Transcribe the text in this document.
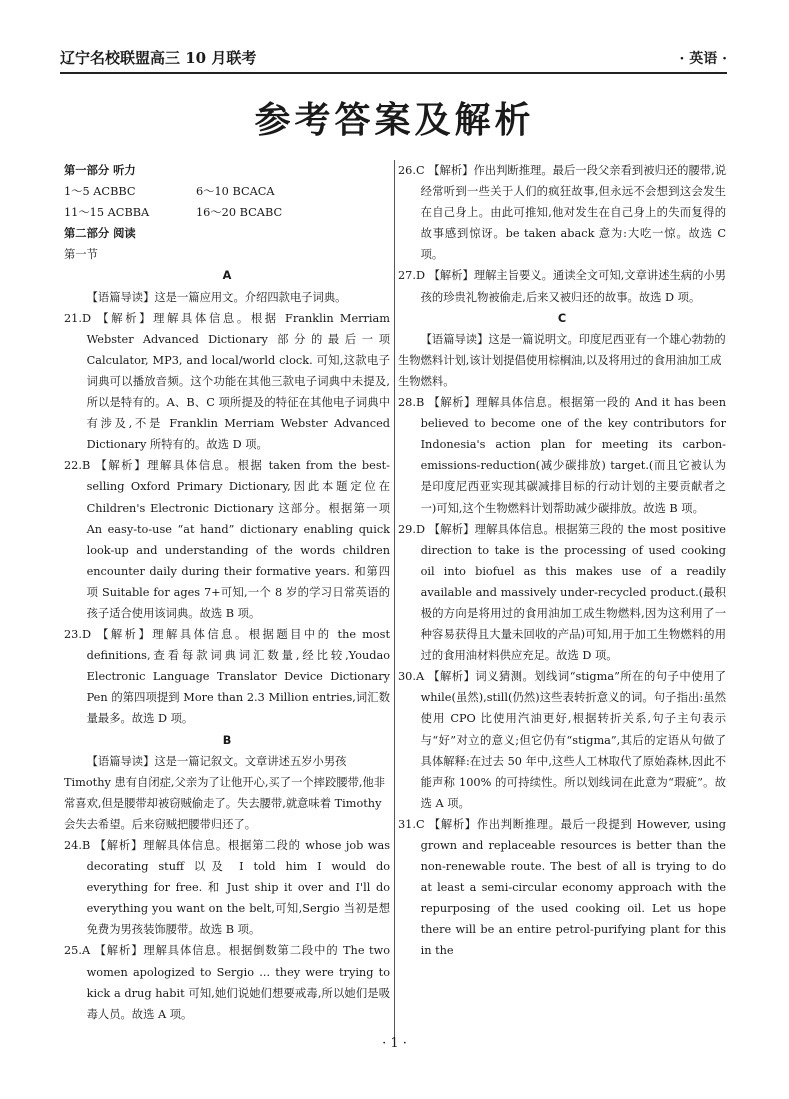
辽宁名校联盟高三 10 月联考	· 英语 ·
参考答案及解析

第一部分 听力

1～5 ACBBC	6～10 BCACA
11～15 ACBBA	16～20 BCABC

第二部分 阅读

第一节

A

【语篇导读】这是一篇应用文。介绍四款电子词典。

21.D 【解析】理解具体信息。根据 Franklin Merriam Webster Advanced Dictionary 部分的最后一项 Calculator, MP3, and local/world clock. 可知,这款电子词典可以播放音频。这个功能在其他三款电子词典中未提及,所以是特有的。A、B、C 项所提及的特征在其他电子词典中有涉及,不是 Franklin Merriam Webster Advanced Dictionary 所特有的。故选 D 项。

22.B 【解析】理解具体信息。根据 taken from the best-selling Oxford Primary Dictionary,因此本题定位在 Children's Electronic Dictionary 这部分。根据第一项 An easy-to-use “at hand” dictionary enabling quick look-up and understanding of the words children encounter daily during their formative years. 和第四项 Suitable for ages 7+可知,一个 8 岁的学习日常英语的孩子适合使用该词典。故选 B 项。

23.D 【解析】理解具体信息。根据题目中的 the most definitions,查看每款词典词汇数量,经比较,Youdao Electronic Language Translator Device Dictionary Pen 的第四项提到 More than 2.3 Million entries,词汇数量最多。故选 D 项。

B

【语篇导读】这是一篇记叙文。文章讲述五岁小男孩 Timothy 患有自闭症,父亲为了让他开心,买了一个摔跤腰带,他非常喜欢,但是腰带却被窃贼偷走了。失去腰带,就意味着 Timothy 会失去希望。后来窃贼把腰带归还了。

24.B 【解析】理解具体信息。根据第二段的 whose job was decorating stuff 以及 I told him I would do everything for free. 和 Just ship it over and I'll do everything you want on the belt,可知,Sergio 当初是想免费为男孩装饰腰带。故选 B 项。

25.A 【解析】理解具体信息。根据倒数第二段中的 The two women apologized to Sergio ... they were trying to kick a drug habit 可知,她们说她们想要戒毒,所以她们是吸毒人员。故选 A 项。

26.C 【解析】作出判断推理。最后一段父亲看到被归还的腰带,说经常听到一些关于人们的疯狂故事,但永远不会想到这会发生在自己身上。由此可推知,他对发生在自己身上的失而复得的故事感到惊讶。be taken aback 意为:大吃一惊。故选 C 项。

27.D 【解析】理解主旨要义。通读全文可知,文章讲述生病的小男孩的珍贵礼物被偷走,后来又被归还的故事。故选 D 项。

C

【语篇导读】这是一篇说明文。印度尼西亚有一个雄心勃勃的生物燃料计划,该计划提倡使用棕榈油,以及将用过的食用油加工成生物燃料。

28.B 【解析】理解具体信息。根据第一段的 And it has been believed to become one of the key contributors for Indonesia's action plan for meeting its carbon-emissions-reduction(减少碳排放) target.(而且它被认为是印度尼西亚实现其碳减排目标的行动计划的主要贡献者之一)可知,这个生物燃料计划帮助减少碳排放。故选 B 项。

29.D 【解析】理解具体信息。根据第三段的 the most positive direction to take is the processing of used cooking oil into biofuel as this makes use of a readily available and massively under-recycled product.(最积极的方向是将用过的食用油加工成生物燃料,因为这利用了一种容易获得且大量未回收的产品)可知,用于加工生物燃料的用过的食用油材料供应充足。故选 D 项。

30.A 【解析】词义猜测。划线词“stigma”所在的句子中使用了 while(虽然),still(仍然)这些表转折意义的词。句子指出:虽然使用 CPO 比使用汽油更好,根据转折关系,句子主句表示与“好”对立的意义;但它仍有“stigma”,其后的定语从句做了具体解释:在过去 50 年中,这些人工林取代了原始森林,因此不能声称 100% 的可持续性。所以划线词在此意为“瑕疵”。故选 A 项。

31.C 【解析】作出判断推理。最后一段提到 However, using grown and replaceable resources is better than the non-renewable route. The best of all is trying to do at least a semi-circular economy approach with the repurposing of the used cooking oil. Let us hope there will be an entire petrol-purifying plant for this in the

· 1 ·
